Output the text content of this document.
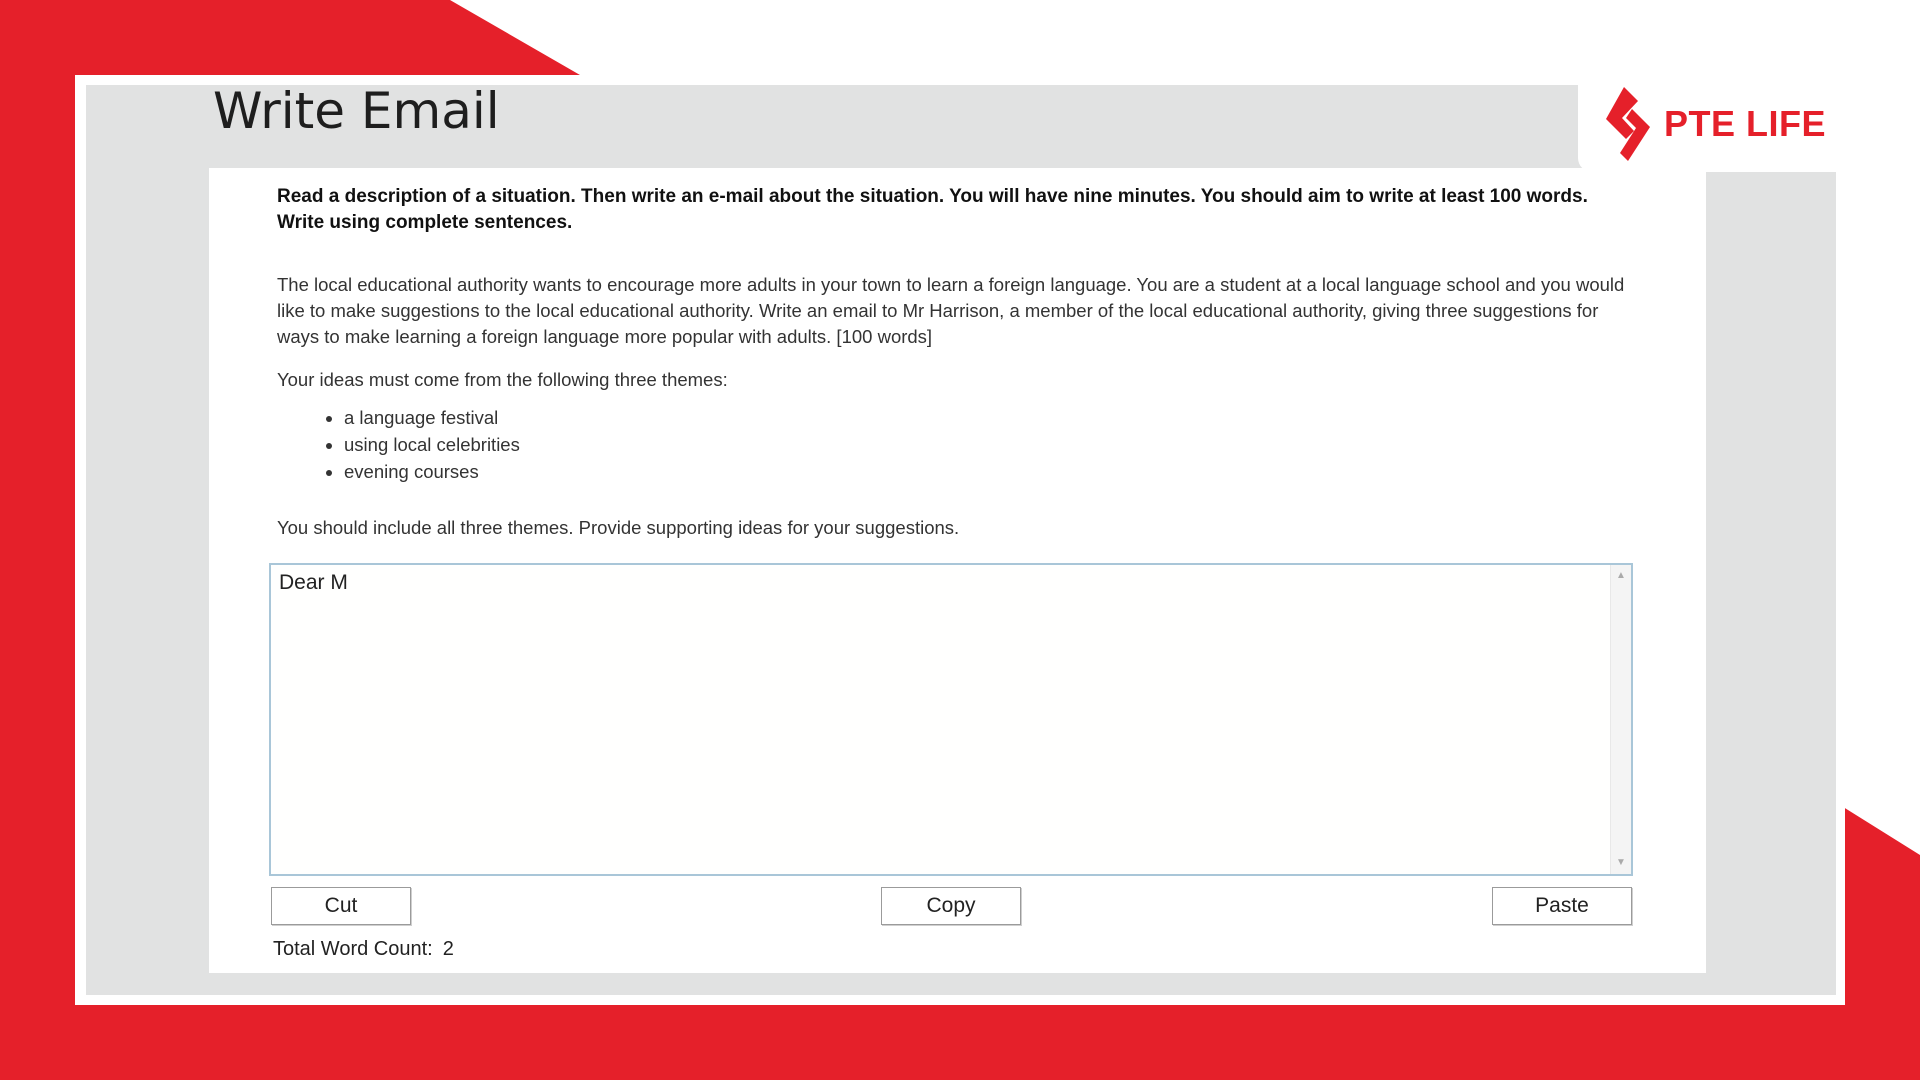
Write Email	PTE LIFE

Read a description of a situation. Then write an e-mail about the situation. You will have nine minutes. You should aim to write at least 100 words. Write using complete sentences.

The local educational authority wants to encourage more adults in your town to learn a foreign language. You are a student at a local language school and you would like to make suggestions to the local educational authority. Write an email to Mr Harrison, a member of the local educational authority, giving three suggestions for ways to make learning a foreign language more popular with adults. [100 words]

Your ideas must come from the following three themes:

• a language festival
• using local celebrities
• evening courses

You should include all three themes. Provide supporting ideas for your suggestions.

Dear M
▲
▼
Cut	Copy	Paste
Total Word Count: 2
